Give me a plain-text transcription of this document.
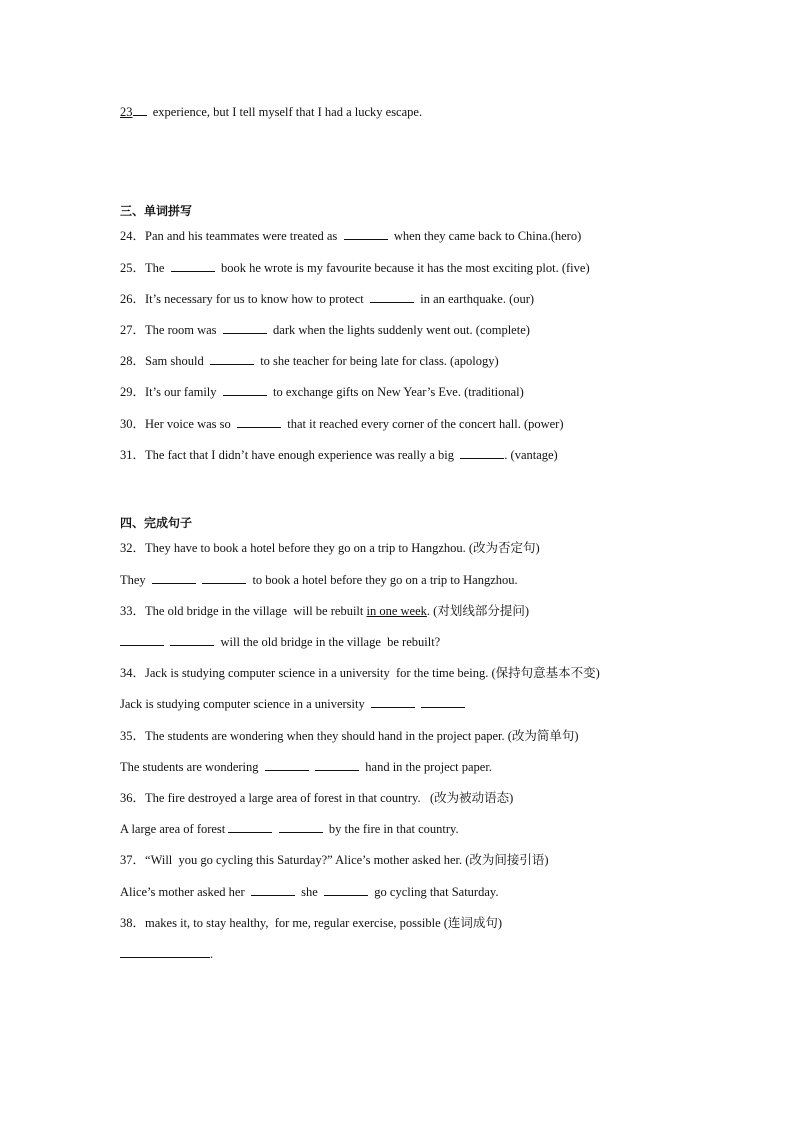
23 experience, but I tell myself that I had a lucky escape.
三、单词拼写
24．Pan and his teammates were treated as	when they came back to China.(hero)
25．The	book he wrote is my favourite because it has the most exciting plot. (five)
26．It’s necessary for us to know how to protect	in an earthquake. (our)
27．The room was	dark when the lights suddenly went out. (complete)
28．Sam should	to she teacher for being late for class. (apology)
29．It’s our family	to exchange gifts on New Year’s Eve. (traditional)
30．Her voice was so	that it reached every corner of the concert hall. (power)
31．The fact that I didn’t have enough experience was really a big	. (vantage)
四、完成句子
32．They have to book a hotel before they go on a trip to Hangzhou. (改为否定句)
They	to book a hotel before they go on a trip to Hangzhou.
33．The old bridge in the village  will be rebuilt in one week. (对划线部分提问)
will the old bridge in the village  be rebuilt?
34．Jack is studying computer science in a university  for the time being. (保持句意基本不变)
Jack is studying computer science in a university
35．The students are wondering when they should hand in the project paper. (改为简单句)
The students are wondering	hand in the project paper.
36．The fire destroyed a large area of forest in that country.   (改为被动语态)
A large area of forest	by the fire in that country.
37．“Will  you go cycling this Saturday?” Alice’s mother asked her. (改为间接引语)
Alice’s mother asked her	she	go cycling that Saturday.
38．makes it, to stay healthy,  for me, regular exercise, possible (连词成句)
.
